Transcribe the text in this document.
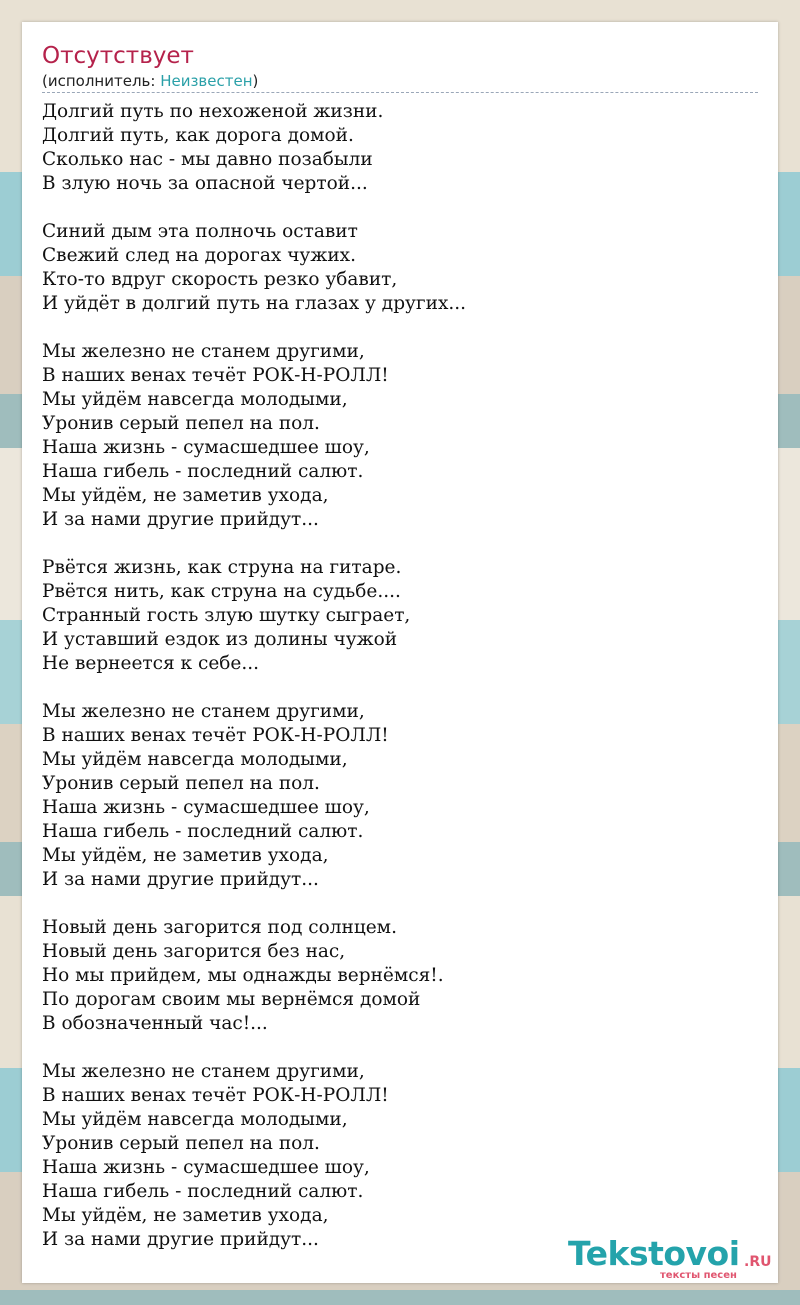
Отсутствует
(исполнитель: Неизвестен)
Долгий путь по нехоженой жизни.
Долгий путь, как дорога домой.
Сколько нас - мы давно позабыли
В злую ночь за опасной чертой...
Синий дым эта полночь оставит
Свежий след на дорогах чужих.
Кто-то вдруг скорость резко убавит,
И уйдёт в долгий путь на глазах у других...
Мы железно не станем другими,
В наших венах течёт РОК-Н-РОЛЛ!
Мы уйдём навсегда молодыми,
Уронив серый пепел на пол.
Наша жизнь - сумасшедшее шоу,
Наша гибель - последний салют.
Мы уйдём, не заметив ухода,
И за нами другие прийдут...
Рвётся жизнь, как струна на гитаре.
Рвётся нить, как струна на судьбе....
Странный гость злую шутку сыграет,
И уставший ездок из долины чужой
Не вернеется к себе...
Мы железно не станем другими,
В наших венах течёт РОК-Н-РОЛЛ!
Мы уйдём навсегда молодыми,
Уронив серый пепел на пол.
Наша жизнь - сумасшедшее шоу,
Наша гибель - последний салют.
Мы уйдём, не заметив ухода,
И за нами другие прийдут...
Новый день загорится под солнцем.
Новый день загорится без нас,
Но мы прийдем, мы однажды вернёмся!.
По дорогам своим мы вернёмся домой
В обозначенный час!...
Мы железно не станем другими,
В наших венах течёт РОК-Н-РОЛЛ!
Мы уйдём навсегда молодыми,
Уронив серый пепел на пол.
Наша жизнь - сумасшедшее шоу,
Наша гибель - последний салют.
Мы уйдём, не заметив ухода,
И за нами другие прийдут...	Tekstovoi .RU
тексты песен
